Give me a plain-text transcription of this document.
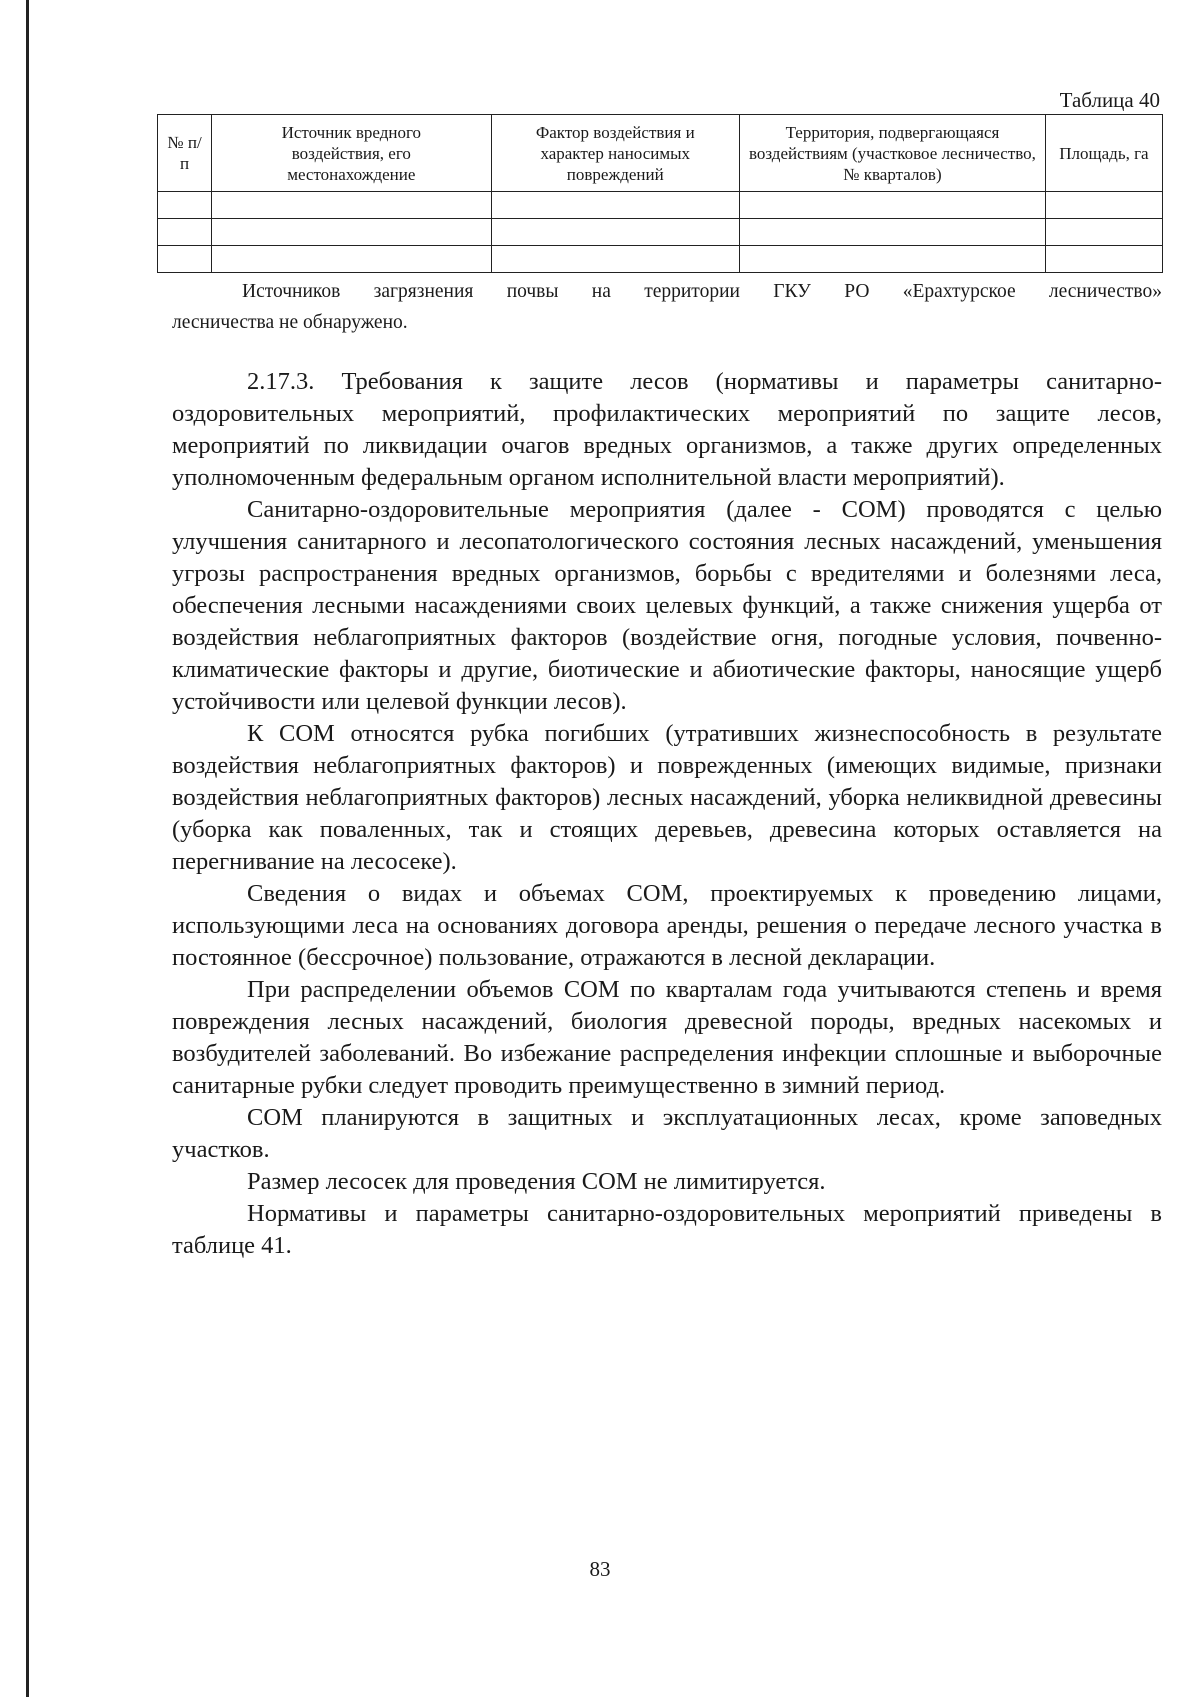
Таблица 40
№ п/п	Источник вредного воздействия, его местонахождение	Фактор воздействия и характер наносимых повреждений	Территория, подвергающаяся воздействиям (участковое лесничество, № кварталов)	Площадь, га

Источников загрязнения почвы на территории ГКУ РО «Ерахтурское лесничество»
лесничества не обнаружено.

2.17.3. Требования к защите лесов (нормативы и параметры санитарно-оздоровительных мероприятий, профилактических мероприятий по защите лесов, мероприятий по ликвидации очагов вредных организмов, а также других определенных уполномоченным федеральным органом исполнительной власти мероприятий).

Санитарно-оздоровительные мероприятия (далее - СОМ) проводятся с целью улучшения санитарного и лесопатологического состояния лесных насаждений, уменьшения угрозы распространения вредных организмов, борьбы с вредителями и болезнями леса, обеспечения лесными насаждениями своих целевых функций, а также снижения ущерба от воздействия неблагоприятных факторов (воздействие огня, погодные условия, почвенно-климатические факторы и другие, биотические и абиотические факторы, наносящие ущерб устойчивости или целевой функции лесов).

К СОМ относятся рубка погибших (утративших жизнеспособность в результате воздействия неблагоприятных факторов) и поврежденных (имеющих видимые, признаки воздействия неблагоприятных факторов) лесных насаждений, уборка неликвидной древесины (уборка как поваленных, так и стоящих деревьев, древесина которых оставляется на перегнивание на лесосеке).

Сведения о видах и объемах СОМ, проектируемых к проведению лицами, использующими леса на основаниях договора аренды, решения о передаче лесного участка в постоянное (бессрочное) пользование, отражаются в лесной декларации.

При распределении объемов СОМ по кварталам года учитываются степень и время повреждения лесных насаждений, биология древесной породы, вредных насекомых и возбудителей заболеваний. Во избежание распределения инфекции сплошные и выборочные санитарные рубки следует проводить преимущественно в зимний период.

СОМ планируются в защитных и эксплуатационных лесах, кроме заповедных участков.

Размер лесосек для проведения СОМ не лимитируется.

Нормативы и параметры санитарно-оздоровительных мероприятий приведены в таблице 41.

83
